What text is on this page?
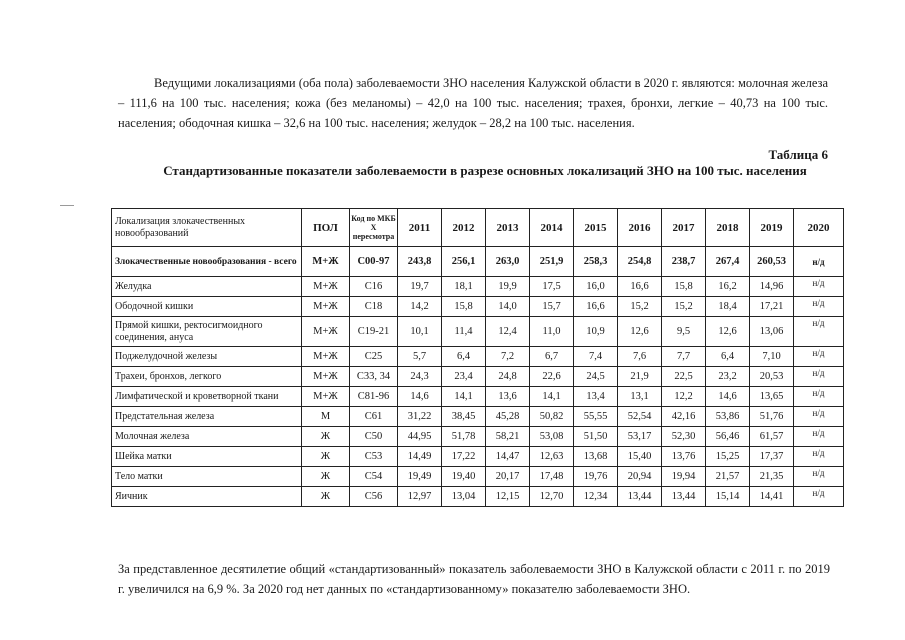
Ведущими локализациями (оба пола) заболеваемости ЗНО населения Калужской области в 2020 г. являются: молочная железа – 111,6 на 100 тыс. населения; кожа (без меланомы) – 42,0 на 100 тыс. населения; трахея, бронхи, легкие – 40,73 на 100 тыс. населения; ободочная кишка – 32,6 на 100 тыс. населения; желудок – 28,2 на 100 тыс. населения.

Таблица 6
Стандартизованные показатели заболеваемости в разрезе основных локализаций ЗНО на 100 тыс. населения
Локализация злокачественных новообразований	ПОЛ	Код по МКБ X пересмотра	2011	2012	2013	2014	2015	2016	2017	2018	2019	2020
Злокачественные новообразования - всего	М+Ж	С00-97	243,8	256,1	263,0	251,9	258,3	254,8	238,7	267,4	260,53	н/д
Желудка	М+Ж	С16	19,7	18,1	19,9	17,5	16,0	16,6	15,8	16,2	14,96	н/д
Ободочной кишки	М+Ж	С18	14,2	15,8	14,0	15,7	16,6	15,2	15,2	18,4	17,21	н/д
Прямой кишки, ректосигмоидного соединения, ануса	М+Ж	С19-21	10,1	11,4	12,4	11,0	10,9	12,6	9,5	12,6	13,06	н/д
Поджелудочной железы	М+Ж	С25	5,7	6,4	7,2	6,7	7,4	7,6	7,7	6,4	7,10	н/д
Трахеи, бронхов, легкого	М+Ж	С33, 34	24,3	23,4	24,8	22,6	24,5	21,9	22,5	23,2	20,53	н/д
Лимфатической и кроветворной ткани	М+Ж	С81-96	14,6	14,1	13,6	14,1	13,4	13,1	12,2	14,6	13,65	н/д
Предстательная железа	М	С61	31,22	38,45	45,28	50,82	55,55	52,54	42,16	53,86	51,76	н/д
Молочная железа	Ж	С50	44,95	51,78	58,21	53,08	51,50	53,17	52,30	56,46	61,57	н/д
Шейка матки	Ж	С53	14,49	17,22	14,47	12,63	13,68	15,40	13,76	15,25	17,37	н/д
Тело матки	Ж	С54	19,49	19,40	20,17	17,48	19,76	20,94	19,94	21,57	21,35	н/д
Яичник	Ж	С56	12,97	13,04	12,15	12,70	12,34	13,44	13,44	15,14	14,41	н/д

За представленное десятилетие общий «стандартизованный» показатель заболеваемости ЗНО в Калужской области с 2011 г. по 2019 г. увеличился на 6,9 %. За 2020 год нет данных по «стандартизованному» показателю заболеваемости ЗНО.
